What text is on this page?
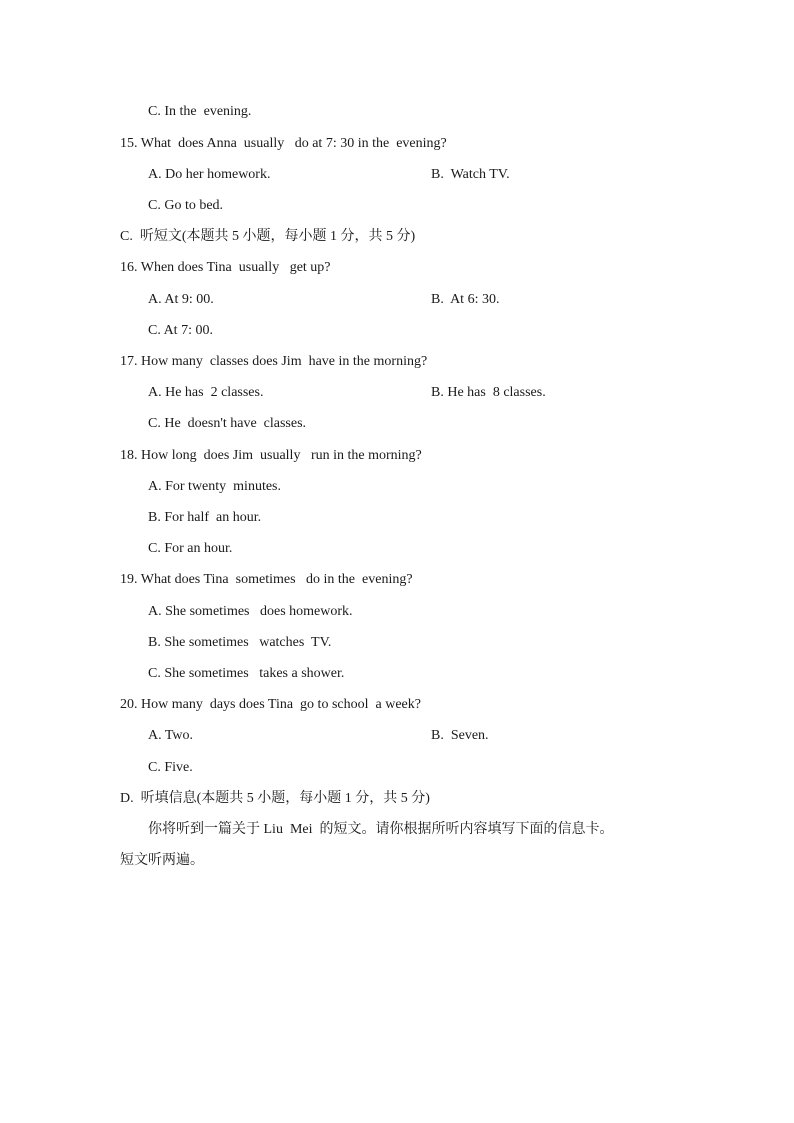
C. In the  evening.
15. What  does Anna  usually   do at 7: 30 in the  evening?
A. Do her homework.	B.  Watch TV.
C. Go to bed.
C.  听短文(本题共 5 小题，每小题 1 分，共 5 分)
16. When does Tina  usually   get up?
A. At 9: 00.	B.  At 6: 30.
C. At 7: 00.
17. How many  classes does Jim  have in the morning?
A. He has  2 classes.	B. He has  8 classes.
C. He  doesn't have  classes.
18. How long  does Jim  usually   run in the morning?
A. For twenty  minutes.
B. For half  an hour.
C. For an hour.
19. What does Tina  sometimes   do in the  evening?
A. She sometimes   does homework.
B. She sometimes   watches  TV.
C. She sometimes   takes a shower.
20. How many  days does Tina  go to school  a week?
A. Two.	B.  Seven.
C. Five.
D.  听填信息(本题共 5 小题，每小题 1 分，共 5 分)
你将听到一篇关于 Liu  Mei  的短文。请你根据所听内容填写下面的信息卡。
短文听两遍。
